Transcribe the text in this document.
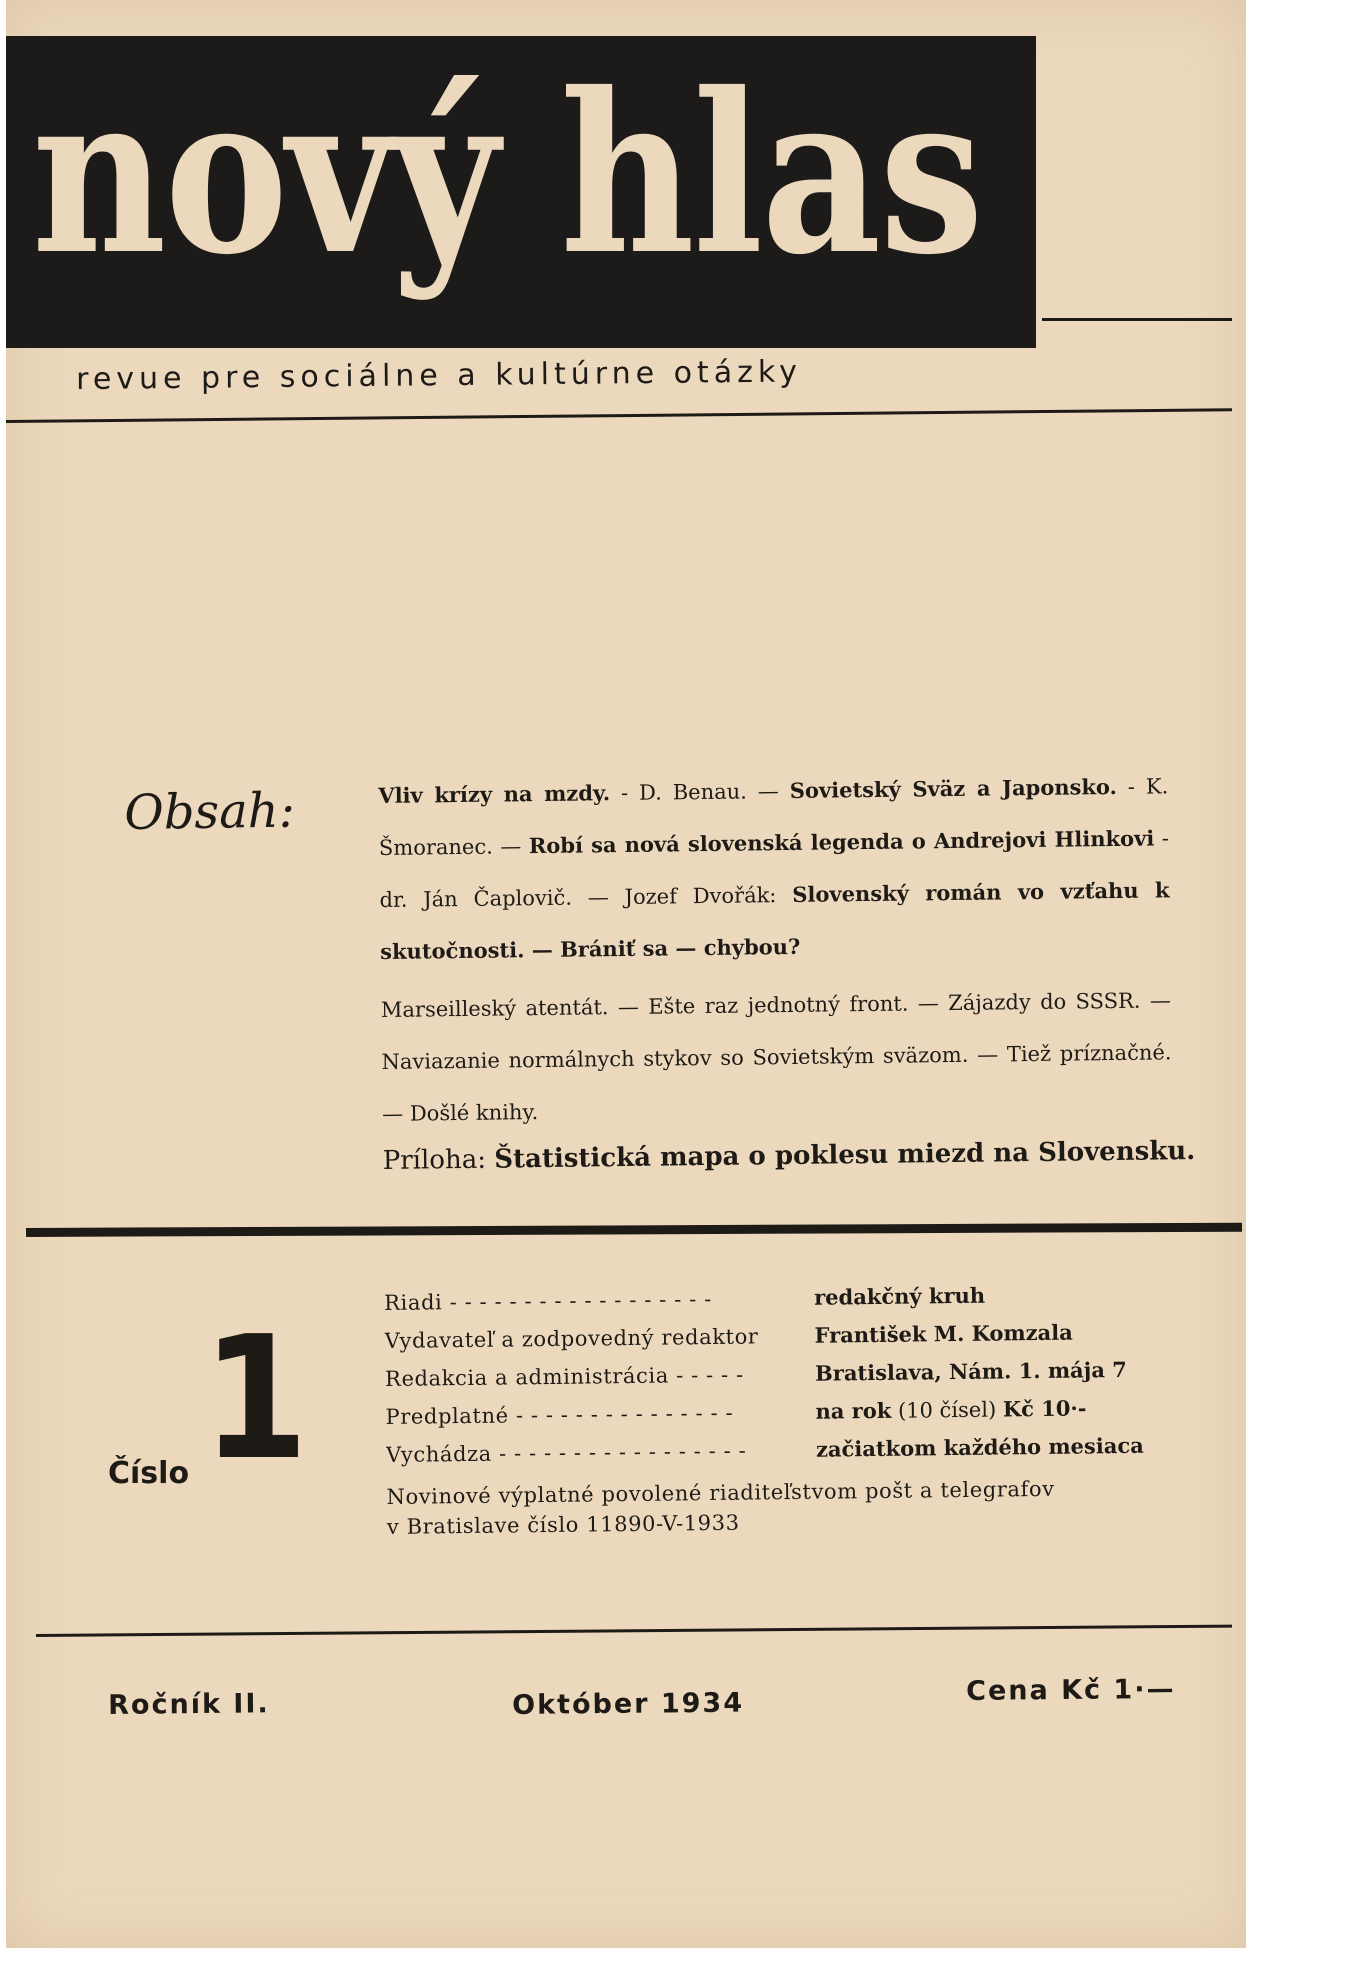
nový hlas

revue pre sociálne a kultúrne otázky

Obsah:	Vliv krízy na mzdy. - D. Benau. — Sovietský Sväz a Japonsko. - K. Šmoranec. — Robí sa nová slovenská legenda o Andrejovi Hlinkovi - dr. Ján Čaplovič. — Jozef Dvořák: Slovenský román vo vzťahu k skutočnosti. — Brániť sa — chybou?

Marseilleský atentát. — Ešte raz jednotný front. — Zájazdy do SSSR. —Naviazanie normálnych stykov so Sovietským sväzom. — Tiež príznačné. — Došlé knihy.

Príloha: Štatistická mapa o poklesu miezd na Slovensku.
Číslo 1	Riadi - - - - - - - - - - - - - - - - - -	redakčný kruh
Vydavateľ a zodpovedný redaktor	František M. Komzala
Redakcia a administrácia - - - - -	Bratislava, Nám. 1. mája 7
Predplatné - - - - - - - - - - - - - - -	na rok (10 čísel) Kč 10·-
Vychádza - - - - - - - - - - - - - - - - -	začiatkom každého mesiaca
Novinové výplatné povolené riaditeľstvom pošt a telegrafov
v Bratislave číslo 11890-V-1933
Ročník II.	Október 1934	Cena Kč 1·—
